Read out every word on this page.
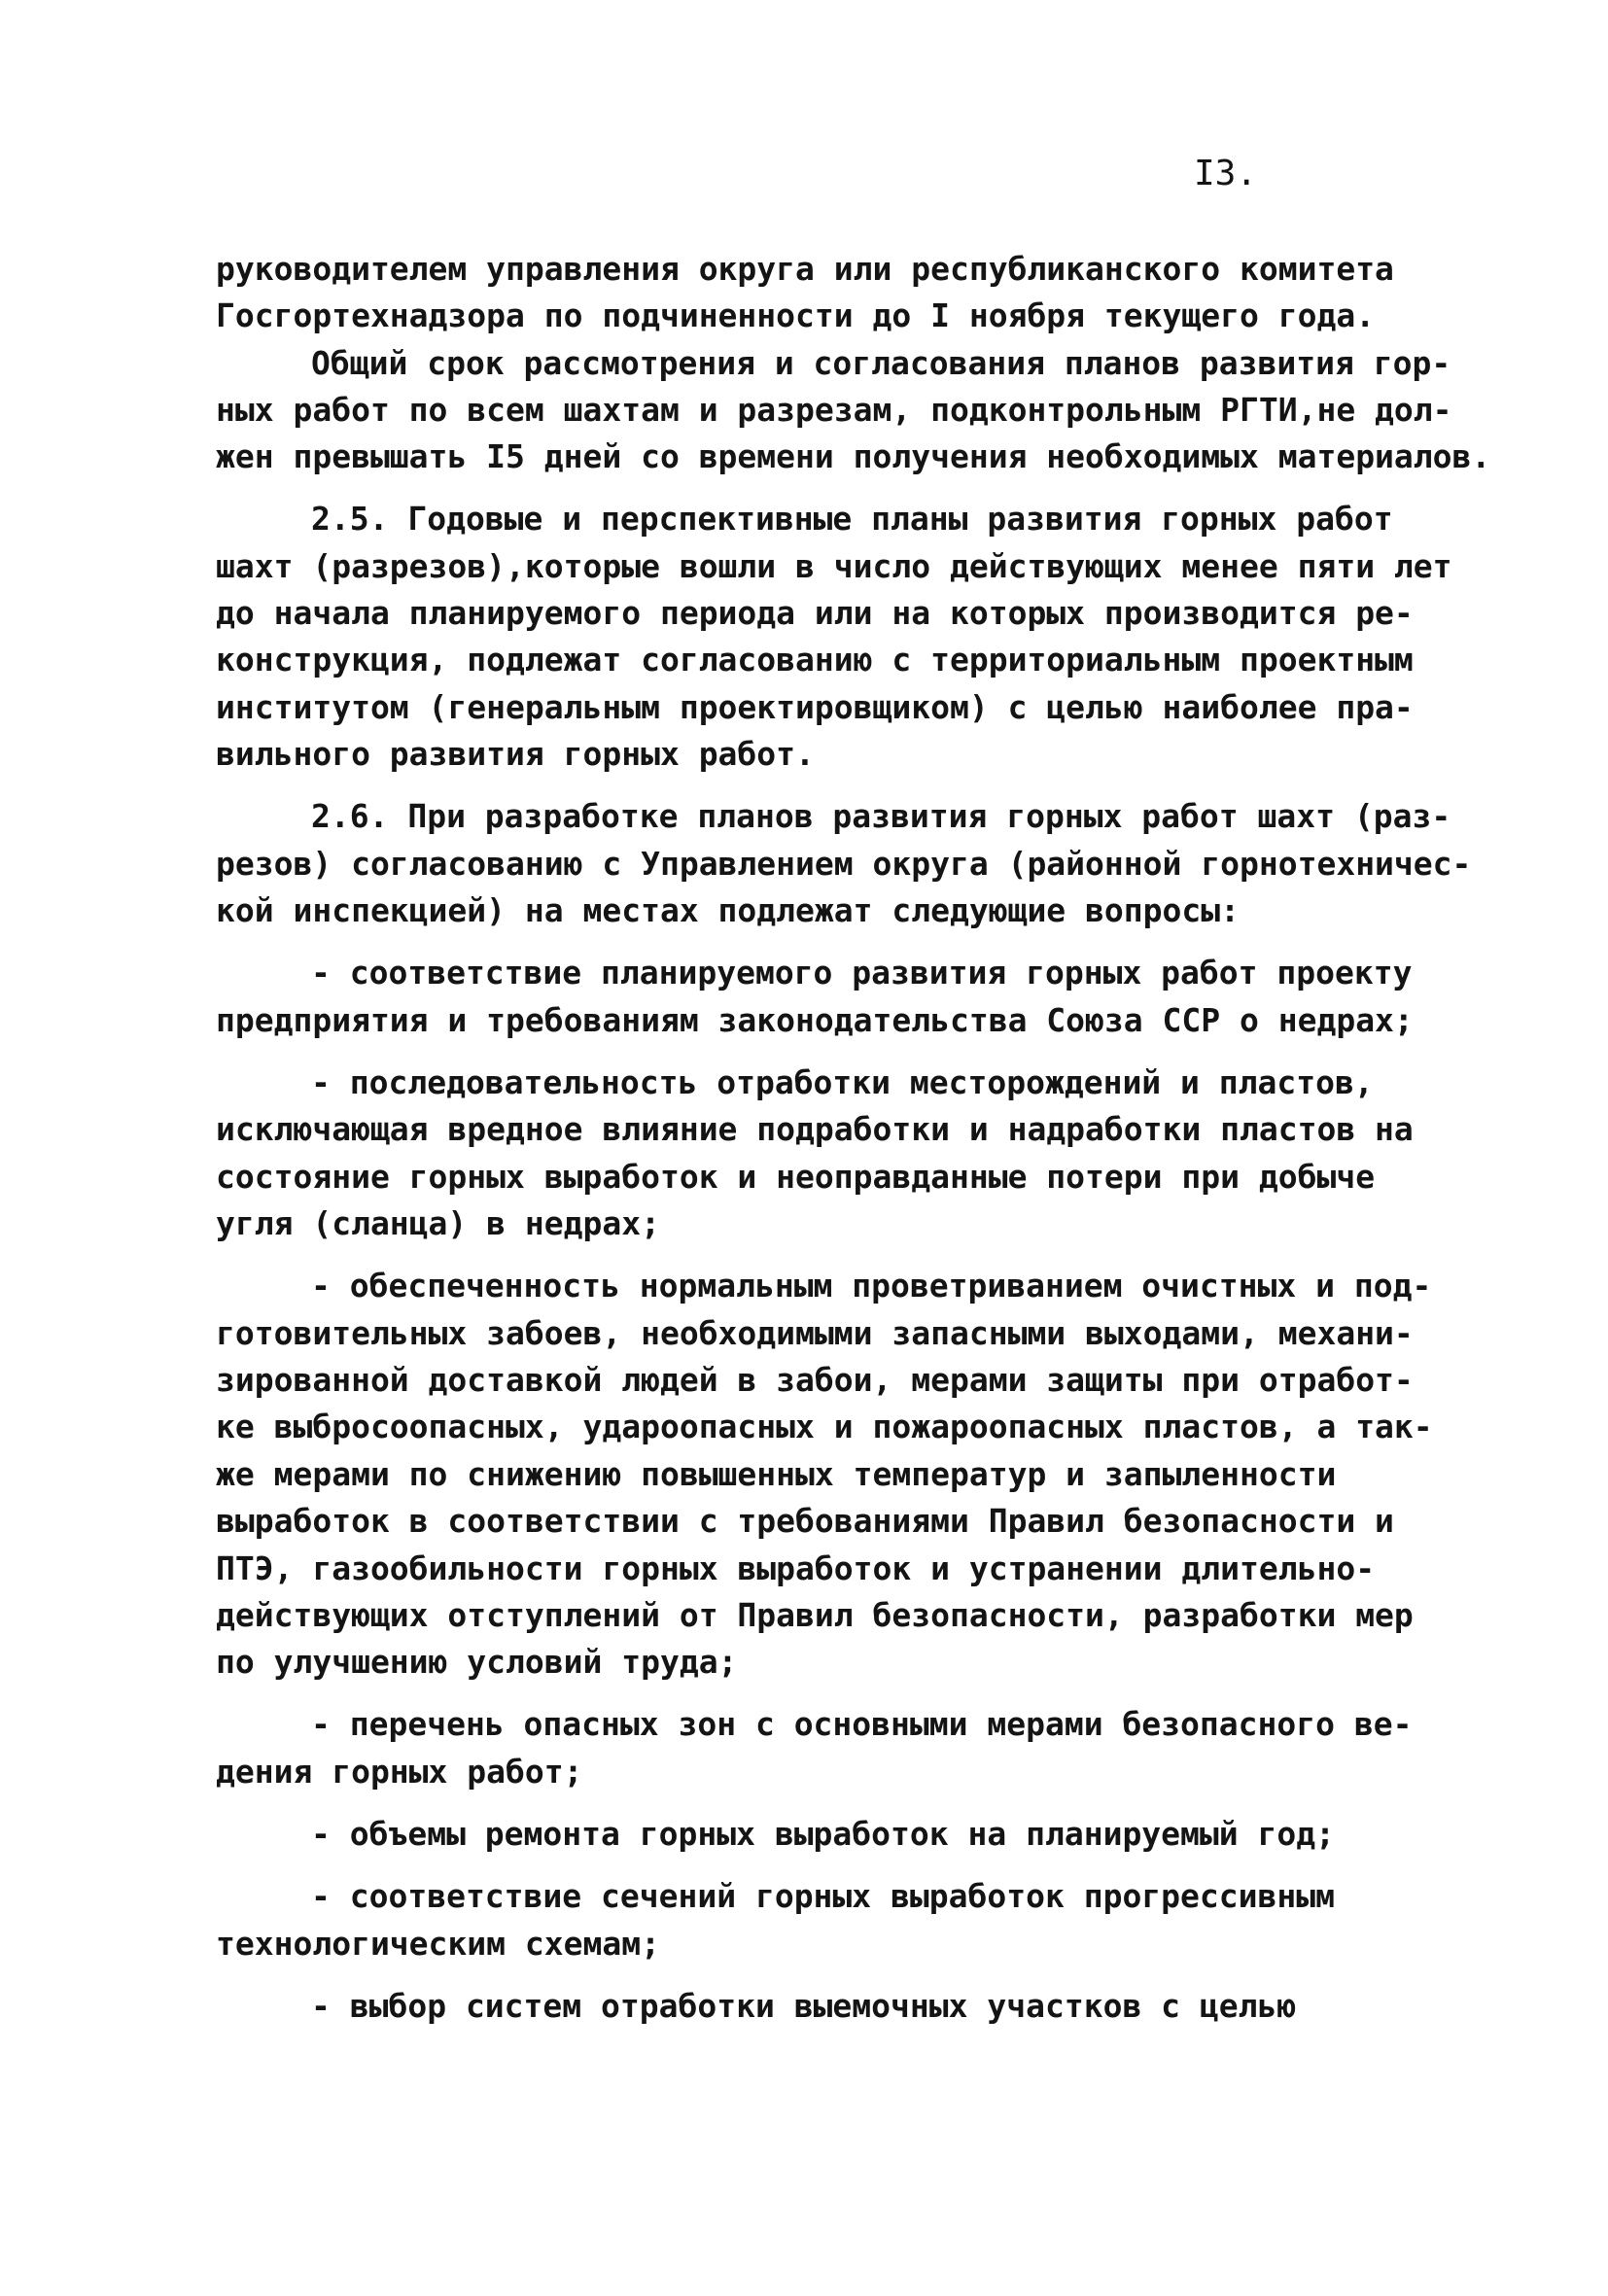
I3.
руководителем управления округа или республиканского комитета
Госгортехнадзора по подчиненности до I ноября текущего года.
Общий срок рассмотрения и согласования планов развития гор-
ных работ по всем шахтам и разрезам, подконтрольным РГТИ,не дол-
жен превышать I5 дней со времени получения необходимых материалов.
2.5. Годовые и перспективные планы развития горных работ
шахт (разрезов),которые вошли в число действующих менее пяти лет
до начала планируемого периода или на которых производится ре-
конструкция, подлежат согласованию с территориальным проектным
институтом (генеральным проектировщиком) с целью наиболее пра-
вильного развития горных работ.
2.6. При разработке планов развития горных работ шахт (раз-
резов) согласованию с Управлением округа (районной горнотехничес-
кой инспекцией) на местах подлежат следующие вопросы:
- соответствие планируемого развития горных работ проекту
предприятия и требованиям законодательства Союза ССР о недрах;
- последовательность отработки месторождений и пластов,
исключающая вредное влияние подработки и надработки пластов на
состояние горных выработок и неоправданные потери при добыче
угля (сланца) в недрах;
- обеспеченность нормальным проветриванием очистных и под-
готовительных забоев, необходимыми запасными выходами, механи-
зированной доставкой людей в забои, мерами защиты при отработ-
ке выбросоопасных, удароопасных и пожароопасных пластов, а так-
же мерами по снижению повышенных температур и запыленности
выработок в соответствии с требованиями Правил безопасности и
ПТЭ, газообильности горных выработок и устранении длительно-
действующих отступлений от Правил безопасности, разработки мер
по улучшению условий труда;
- перечень опасных зон с основными мерами безопасного ве-
дения горных работ;
- объемы ремонта горных выработок на планируемый год;
- соответствие сечений горных выработок прогрессивным
технологическим схемам;
- выбор систем отработки выемочных участков с целью
